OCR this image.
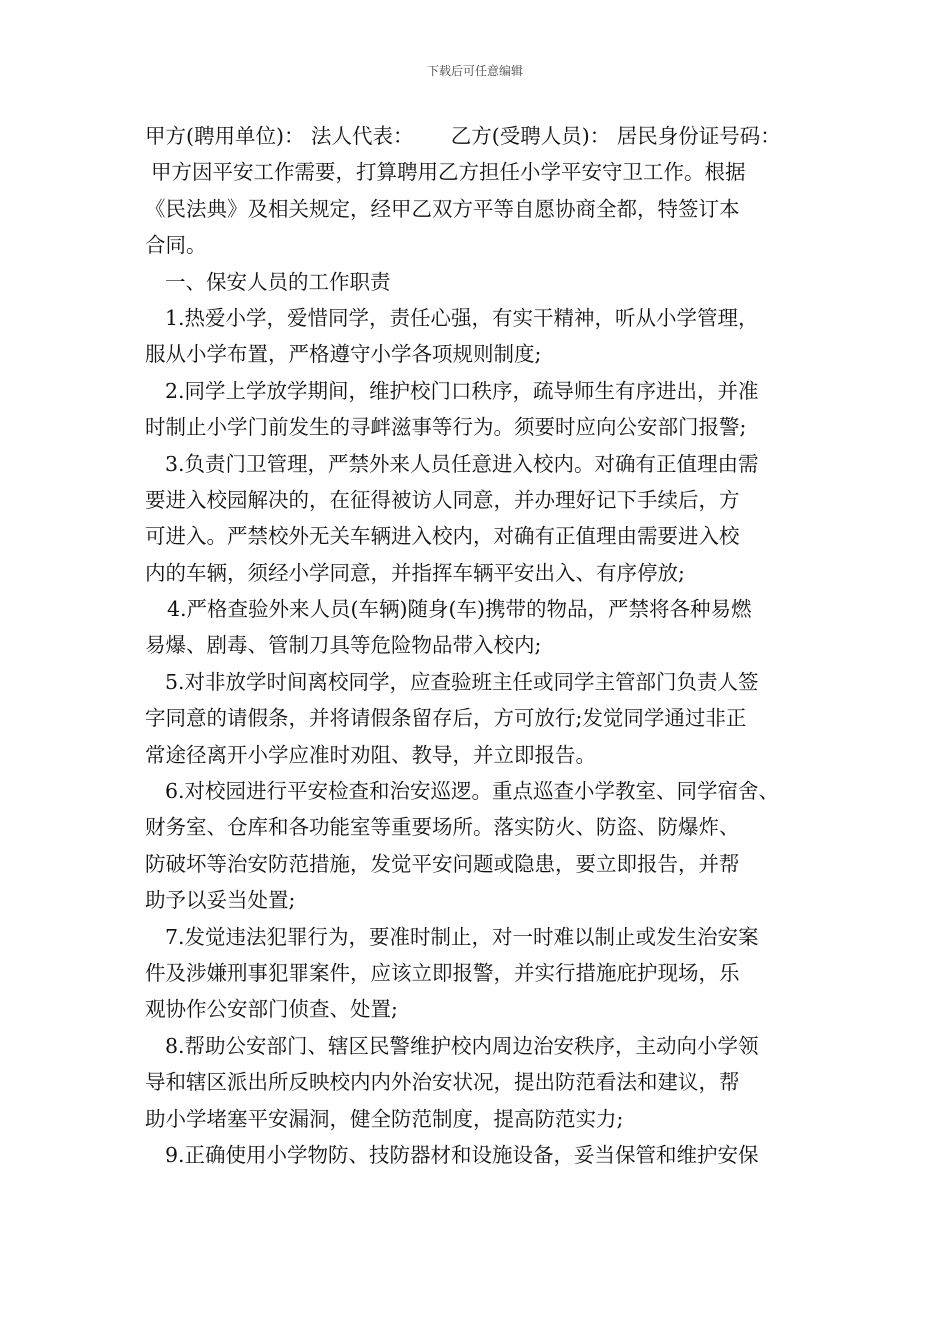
下载后可任意编辑
甲方(聘用单位)： 法人代表：　　 乙方(受聘人员)： 居民身份证号码：
甲方因平安工作需要，打算聘用乙方担任小学平安守卫工作。根据
《民法典》及相关规定，经甲乙双方平等自愿协商全都，特签订本
合同。
一、保安人员的工作职责
1.热爱小学，爱惜同学，责任心强，有实干精神，听从小学管理，
服从小学布置，严格遵守小学各项规则制度;
2.同学上学放学期间，维护校门口秩序，疏导师生有序进出，并准
时制止小学门前发生的寻衅滋事等行为。须要时应向公安部门报警;
3.负责门卫管理，严禁外来人员任意进入校内。对确有正值理由需
要进入校园解决的，在征得被访人同意，并办理好记下手续后，方
可进入。严禁校外无关车辆进入校内，对确有正值理由需要进入校
内的车辆，须经小学同意，并指挥车辆平安出入、有序停放;
4.严格查验外来人员(车辆)随身(车)携带的物品，严禁将各种易燃
易爆、剧毒、管制刀具等危险物品带入校内;
5.对非放学时间离校同学，应查验班主任或同学主管部门负责人签
字同意的请假条，并将请假条留存后，方可放行;发觉同学通过非正
常途径离开小学应准时劝阻、教导，并立即报告。
6.对校园进行平安检查和治安巡逻。重点巡查小学教室、同学宿舍、
财务室、仓库和各功能室等重要场所。落实防火、防盗、防爆炸、
防破坏等治安防范措施，发觉平安问题或隐患，要立即报告，并帮
助予以妥当处置;
7.发觉违法犯罪行为，要准时制止，对一时难以制止或发生治安案
件及涉嫌刑事犯罪案件，应该立即报警，并实行措施庇护现场，乐
观协作公安部门侦查、处置;
8.帮助公安部门、辖区民警维护校内周边治安秩序，主动向小学领
导和辖区派出所反映校内内外治安状况，提出防范看法和建议，帮
助小学堵塞平安漏洞，健全防范制度，提高防范实力;
9.正确使用小学物防、技防器材和设施设备，妥当保管和维护安保
